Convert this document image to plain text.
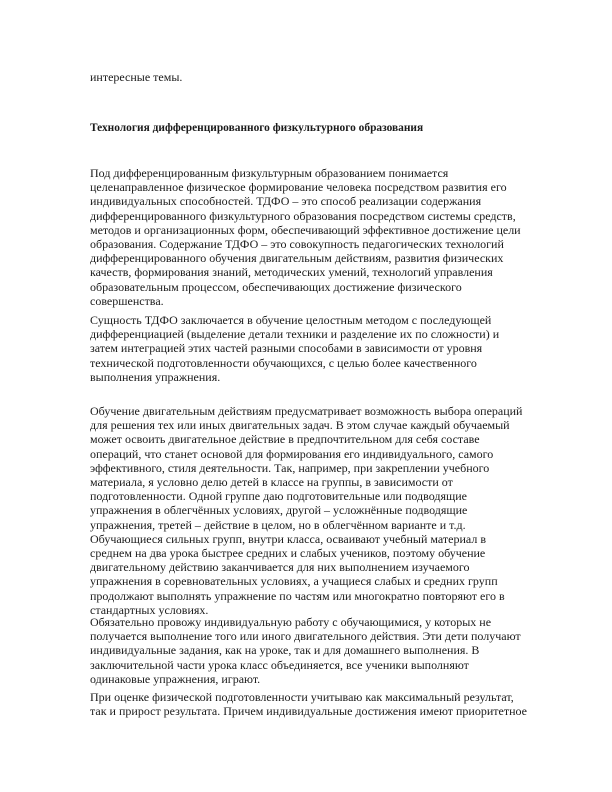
интересные темы.

Технология дифференцированного физкультурного образования

Под дифференцированным физкультурным образованием понимается целенаправленное физическое формирование человека посредством развития его индивидуальных способностей. ТДФО – это способ реализации содержания дифференцированного физкультурного образования посредством системы средств, методов и организационных форм, обеспечивающий эффективное достижение цели образования. Содержание ТДФО – это совокупность педагогических технологий дифференцированного обучения двигательным действиям, развития физических качеств, формирования знаний, методических умений, технологий управления образовательным процессом, обеспечивающих достижение физического совершенства.

Сущность ТДФО заключается в обучение целостным методом с последующей дифференциацией (выделение детали техники и разделение их по сложности) и затем интеграцией этих частей разными способами в зависимости от уровня технической подготовленности обучающихся, с целью более качественного выполнения упражнения.

Обучение двигательным действиям предусматривает возможность выбора операций для решения тех или иных двигательных задач. В этом случае каждый обучаемый может освоить двигательное действие в предпочтительном для себя составе операций, что станет основой для формирования его индивидуального, самого эффективного, стиля деятельности. Так, например, при закреплении учебного материала, я условно делю детей в классе на группы, в зависимости от подготовленности. Одной группе даю подготовительные или подводящие упражнения в облегчённых условиях, другой – усложнённые подводящие упражнения, третей – действие в целом, но в облегчённом варианте и т.д. Обучающиеся сильных групп, внутри класса, осваивают учебный материал в среднем на два урока быстрее средних и слабых учеников, поэтому обучение двигательному действию заканчивается для них выполнением изучаемого упражнения в соревновательных условиях, а учащиеся слабых и средних групп продолжают выполнять упражнение по частям или многократно повторяют его в стандартных условиях.

Обязательно провожу индивидуальную работу с обучающимися, у которых не получается выполнение того или иного двигательного действия. Эти дети получают индивидуальные задания, как на уроке, так и для домашнего выполнения. В заключительной части урока класс объединяется, все ученики выполняют одинаковые упражнения, играют.

При оценке физической подготовленности учитываю как максимальный результат, так и прирост результата. Причем индивидуальные достижения имеют приоритетное
